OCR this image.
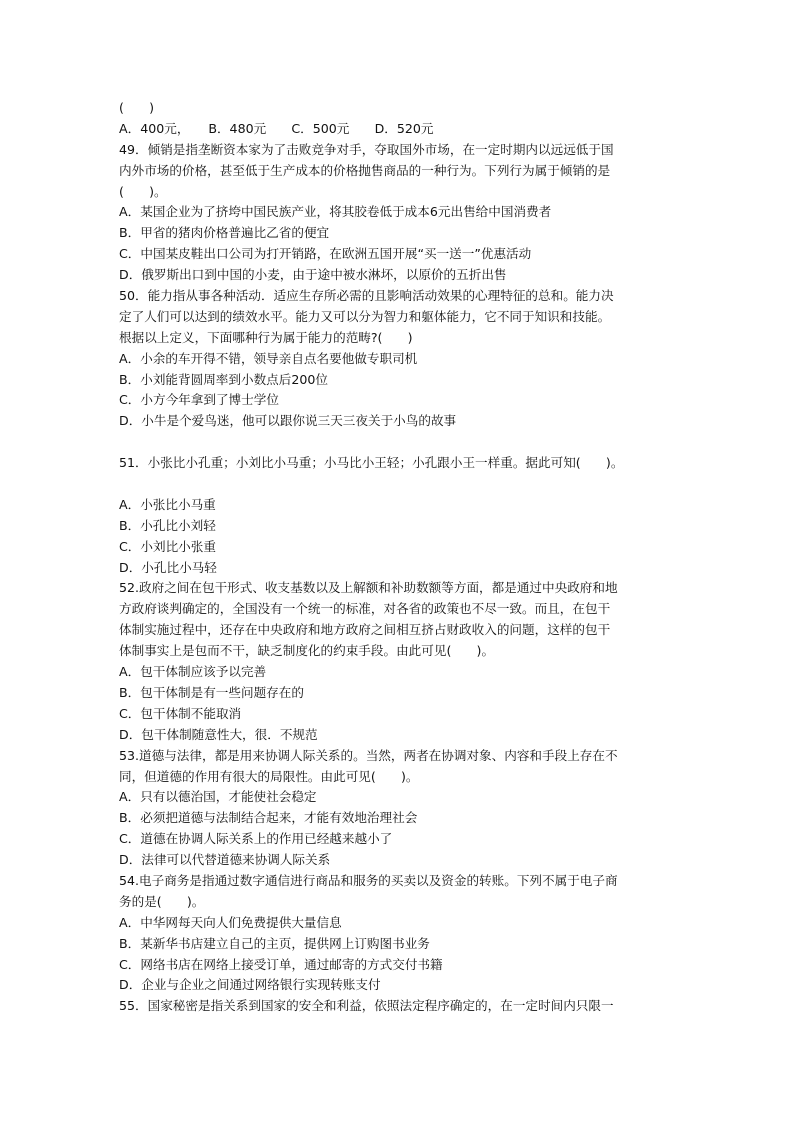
(　　)
A．400元，　　B．480元　　C．500元　　D．520元
49．倾销是指垄断资本家为了击败竞争对手，夺取国外市场，在一定时期内以远远低于国
内外市场的价格，甚至低于生产成本的价格抛售商品的一种行为。下列行为属于倾销的是
(　　)。
A．某国企业为了挤垮中国民族产业，将其胶卷低于成本6元出售给中国消费者
B．甲省的猪肉价格普遍比乙省的便宜
C．中国某皮鞋出口公司为打开销路，在欧洲五国开展“买一送一”优惠活动
D．俄罗斯出口到中国的小麦，由于途中被水淋坏，以原价的五折出售
50．能力指从事各种活动．适应生存所必需的且影响活动效果的心理特征的总和。能力决
定了人们可以达到的绩效水平。能力又可以分为智力和躯体能力，它不同于知识和技能。
根据以上定义，下面哪种行为属于能力的范畴?(　　)
A．小余的车开得不错，领导亲自点名要他做专职司机
B．小刘能背圆周率到小数点后200位
C．小方今年拿到了博士学位
D．小牛是个爱鸟迷，他可以跟你说三天三夜关于小鸟的故事
51．小张比小孔重；小刘比小马重；小马比小王轻；小孔跟小王一样重。据此可知(　　)。
A．小张比小马重
B．小孔比小刘轻
C．小刘比小张重
D．小孔比小马轻
52.政府之间在包干形式、收支基数以及上解额和补助数额等方面，都是通过中央政府和地
方政府谈判确定的，全国没有一个统一的标准，对各省的政策也不尽一致。而且，在包干
体制实施过程中，还存在中央政府和地方政府之间相互挤占财政收入的问题，这样的包干
体制事实上是包而不干，缺乏制度化的约束手段。由此可见(　　)。
A．包干体制应该予以完善
B．包干体制是有一些问题存在的
C．包干体制不能取消
D．包干体制随意性大，很．不规范
53.道德与法律，都是用来协调人际关系的。当然，两者在协调对象、内容和手段上存在不
同，但道德的作用有很大的局限性。由此可见(　　)。
A．只有以德治国，才能使社会稳定
B．必须把道德与法制结合起来，才能有效地治理社会
C．道德在协调人际关系上的作用已经越来越小了
D．法律可以代替道德来协调人际关系
54.电子商务是指通过数字通信进行商品和服务的买卖以及资金的转账。下列不属于电子商
务的是(　　)。
A．中华网每天向人们免费提供大量信息
B．某新华书店建立自己的主页，提供网上订购图书业务
C．网络书店在网络上接受订单，通过邮寄的方式交付书籍
D．企业与企业之间通过网络银行实现转账支付
55．国家秘密是指关系到国家的安全和利益，依照法定程序确定的，在一定时间内只限一
